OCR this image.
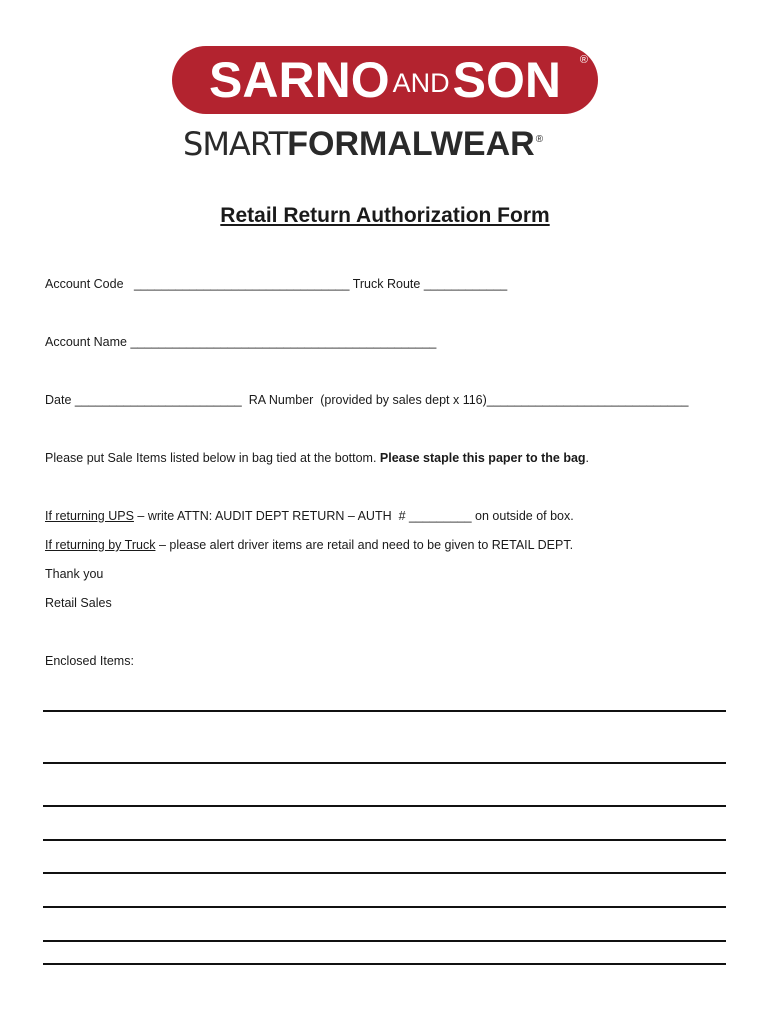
SARNO AND SON ®
SMARTFORMALWEAR®
Retail Return Authorization Form
Account Code _______________________________ Truck Route ____________
Account Name ____________________________________________
Date ________________________ RA Number  (provided by sales dept x 116)_____________________________
Please put Sale Items listed below in bag tied at the bottom. Please staple this paper to the bag.
If returning UPS – write ATTN: AUDIT DEPT RETURN – AUTH  # _________ on outside of box.
If returning by Truck – please alert driver items are retail and need to be given to RETAIL DEPT.
Thank you
Retail Sales
Enclosed Items:
